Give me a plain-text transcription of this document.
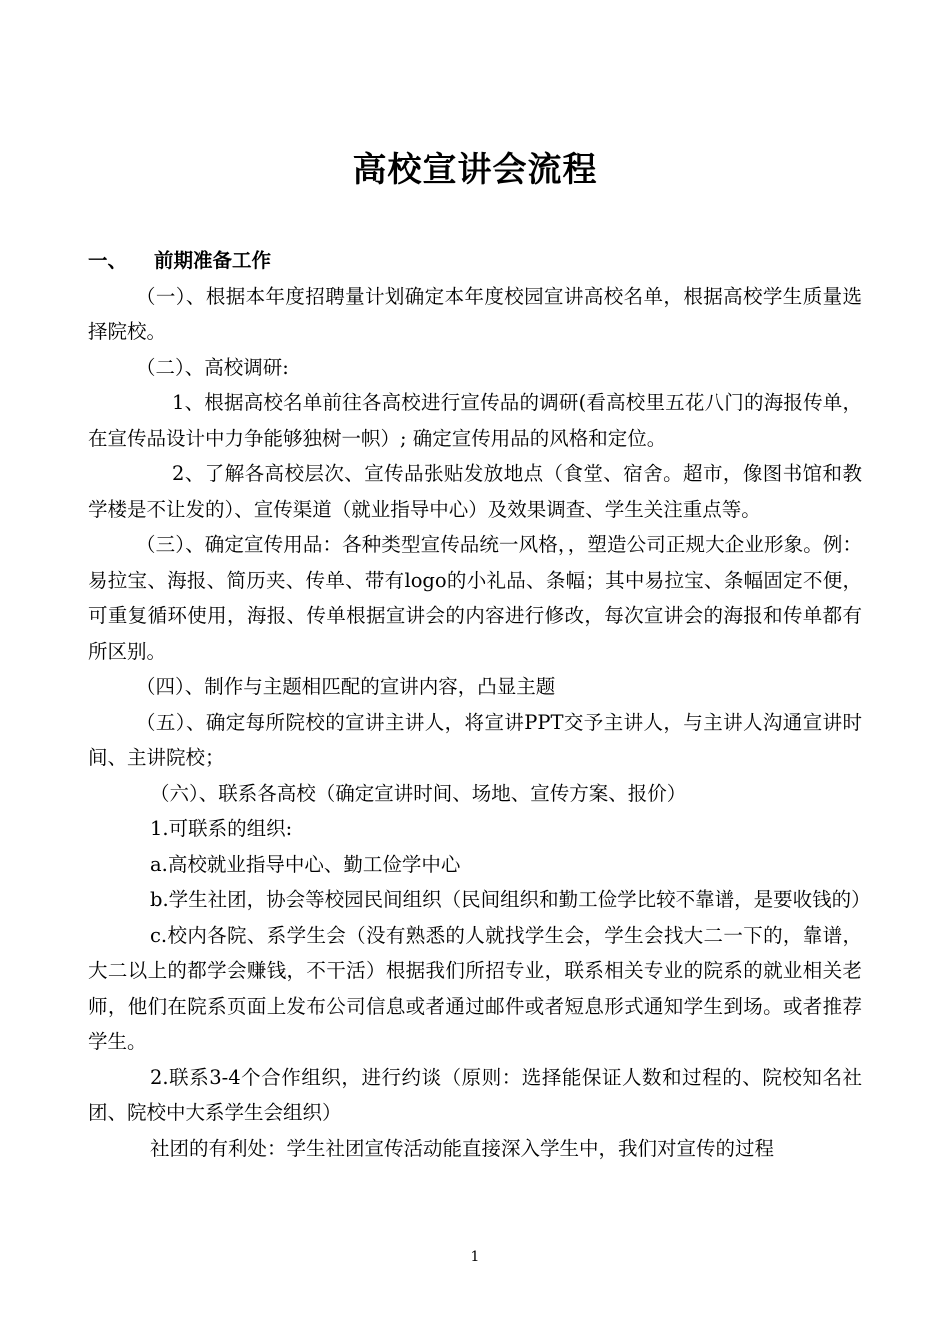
高校宣讲会流程

一、 前期准备工作

（一）、根据本年度招聘量计划确定本年度校园宣讲高校名单，根据高校学生质量选择院校。

（二）、高校调研:

1、根据高校名单前往各高校进行宣传品的调研(看高校里五花八门的海报传单，在宣传品设计中力争能够独树一帜）; 确定宣传用品的风格和定位。

2、了解各高校层次、宣传品张贴发放地点（食堂、宿舍。超市，像图书馆和教学楼是不让发的）、宣传渠道（就业指导中心）及效果调查、学生关注重点等。

（三）、确定宣传用品：各种类型宣传品统一风格，，塑造公司正规大企业形象。例：易拉宝、海报、简历夹、传单、带有logo的小礼品、条幅；其中易拉宝、条幅固定不便，可重复循环使用，海报、传单根据宣讲会的内容进行修改，每次宣讲会的海报和传单都有所区别。

（四）、制作与主题相匹配的宣讲内容，凸显主题

（五）、确定每所院校的宣讲主讲人，将宣讲PPT交予主讲人，与主讲人沟通宣讲时间、主讲院校；

（六）、联系各高校（确定宣讲时间、场地、宣传方案、报价）

1.可联系的组织:

a.高校就业指导中心、勤工俭学中心

b.学生社团，协会等校园民间组织（民间组织和勤工俭学比较不靠谱，是要收钱的）

c.校内各院、系学生会（没有熟悉的人就找学生会，学生会找大二一下的，靠谱，大二以上的都学会赚钱，不干活）根据我们所招专业，联系相关专业的院系的就业相关老师，他们在院系页面上发布公司信息或者通过邮件或者短息形式通知学生到场。或者推荐学生。

2.联系3-4个合作组织，进行约谈（原则：选择能保证人数和过程的、院校知名社团、院校中大系学生会组织）

社团的有利处：学生社团宣传活动能直接深入学生中，我们对宣传的过程

1
